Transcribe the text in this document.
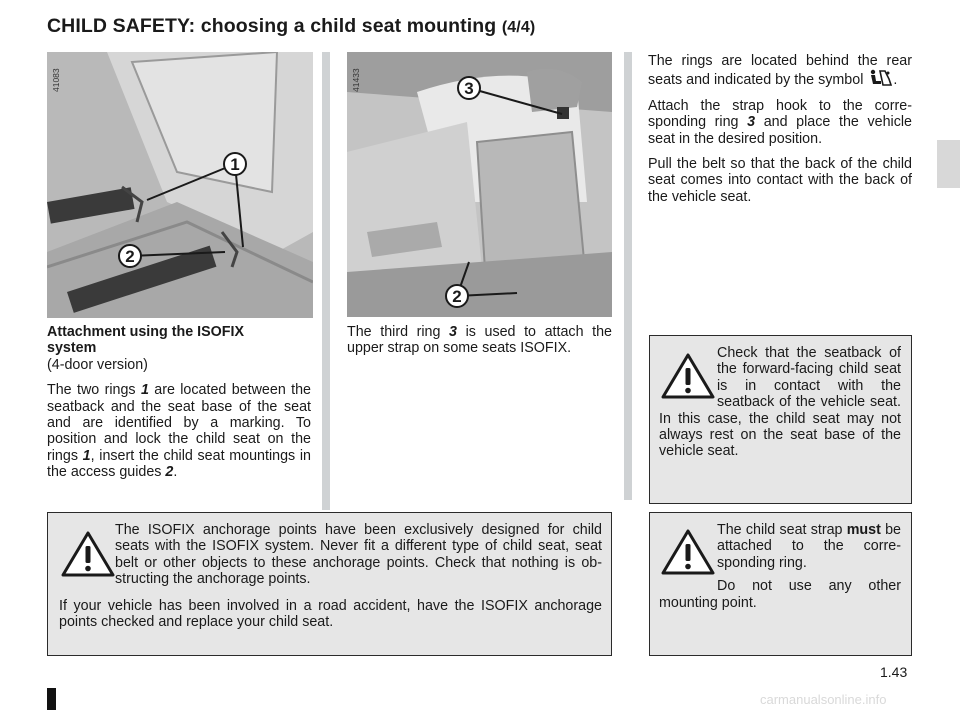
CHILD SAFETY: choosing a child seat mounting (4/4)
41083
1
2
41433	3
2
Attachment using the ISOFIX system
(4-door version)

The two rings 1 are located between the seatback and the seat base of the seat and are identified by a marking. To position and lock the child seat on the rings 1, insert the child seat mountings in the access guides 2.

The third ring 3 is used to attach the upper strap on some seats ISOFIX.

The rings are located behind the rear seats and indicated by the symbol .

Attach the strap hook to the corre-sponding ring 3 and place the vehicle seat in the desired position.

Pull the belt so that the back of the child seat comes into contact with the back of the vehicle seat.

Check that the seatback of the forward-facing child seat is in contact with the seatback of the vehicle seat. In this case, the child seat may not always rest on the seat base of the vehicle seat.
The ISOFIX anchorage points have been exclusively designed for child seats with the ISOFIX system. Never fit a different type of child seat, seat belt or other objects to these anchorage points. Check that nothing is ob-structing the anchorage points.
If your vehicle has been involved in a road accident, have the ISOFIX anchorage points checked and replace your child seat.

The child seat strap must be attached to the corre-sponding ring.

Do not use any other mounting point.

1.43
carmanualsonline.info
